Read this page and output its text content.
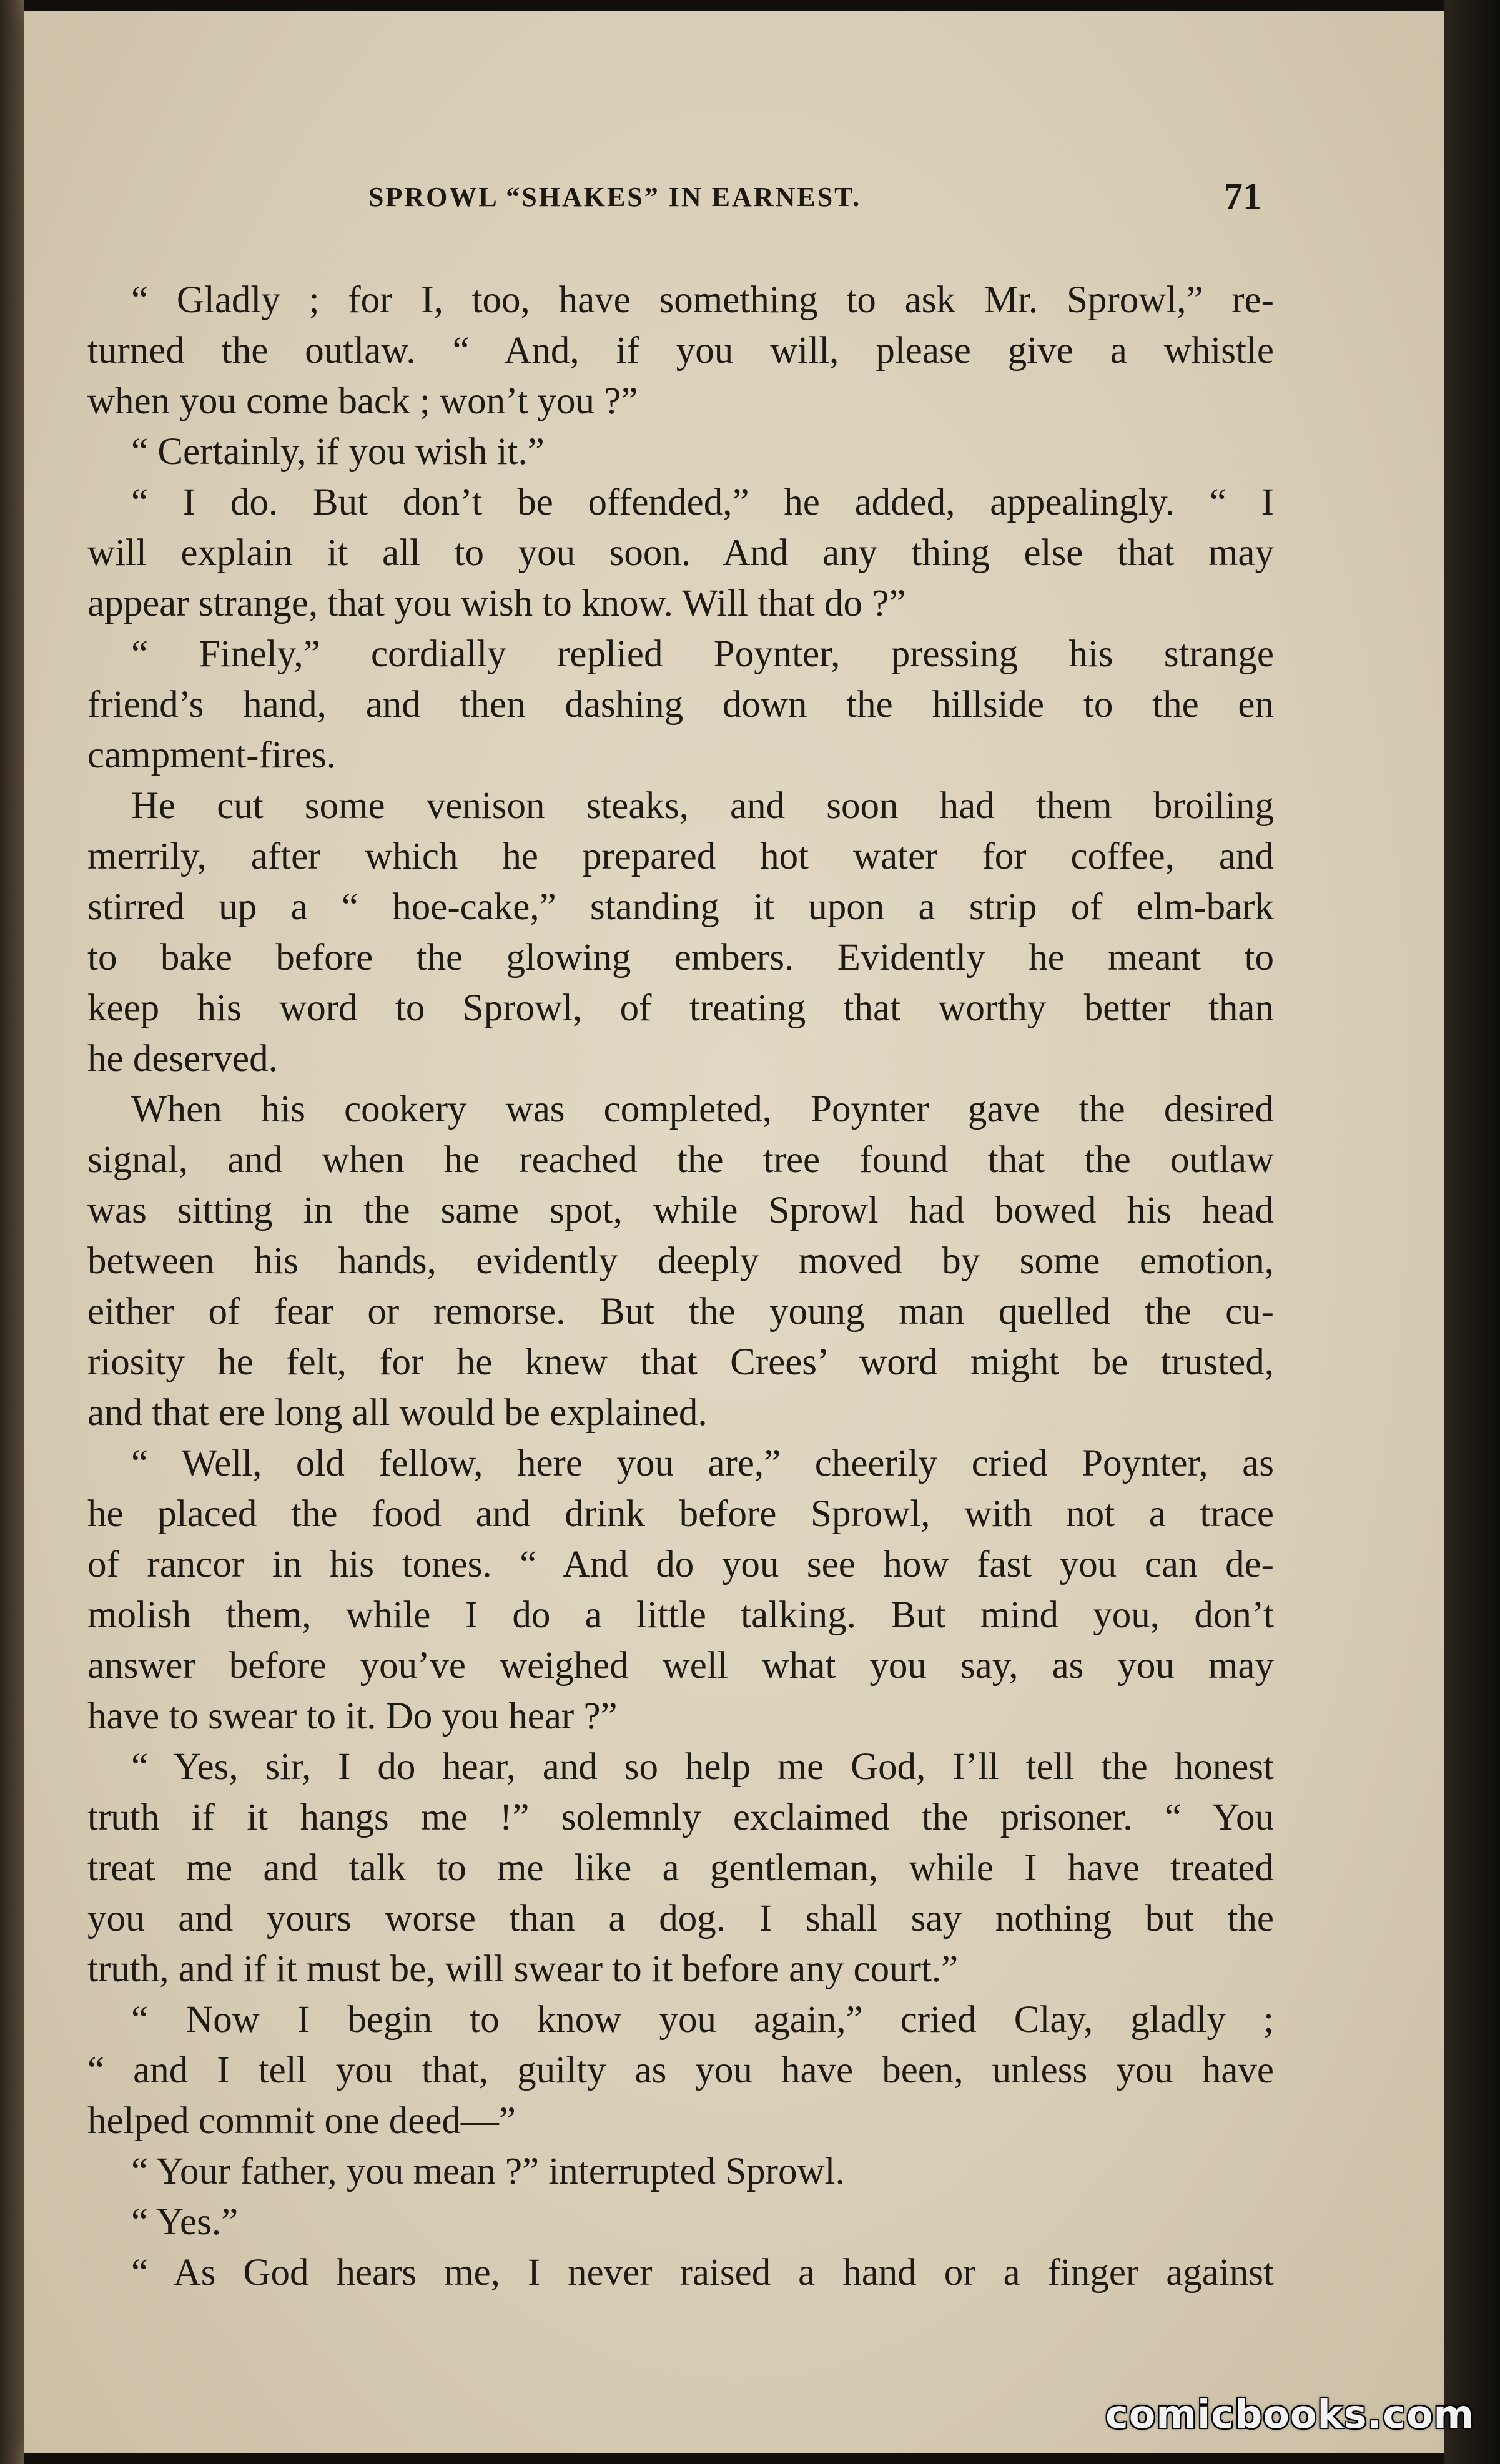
SPROWL “SHAKES” IN EARNEST.	71
“ Gladly ; for I, too, have something to ask Mr. Sprowl,” re-
turned the outlaw. “ And, if you will, please give a whistle
when you come back ; won’t you ?”
“ Certainly, if you wish it.”
“ I do. But don’t be offended,” he added, appealingly. “ I
will explain it all to you soon. And any thing else that may
appear strange, that you wish to know. Will that do ?”
“ Finely,” cordially replied Poynter, pressing his strange
friend’s hand, and then dashing down the hillside to the en
campment-fires.
He cut some venison steaks, and soon had them broiling
merrily, after which he prepared hot water for coffee, and
stirred up a “ hoe-cake,” standing it upon a strip of elm-bark
to bake before the glowing embers. Evidently he meant to
keep his word to Sprowl, of treating that worthy better than
he deserved.
When his cookery was completed, Poynter gave the desired
signal, and when he reached the tree found that the outlaw
was sitting in the same spot, while Sprowl had bowed his head
between his hands, evidently deeply moved by some emotion,
either of fear or remorse. But the young man quelled the cu-
riosity he felt, for he knew that Crees’ word might be trusted,
and that ere long all would be explained.
“ Well, old fellow, here you are,” cheerily cried Poynter, as
he placed the food and drink before Sprowl, with not a trace
of rancor in his tones. “ And do you see how fast you can de-
molish them, while I do a little talking. But mind you, don’t
answer before you’ve weighed well what you say, as you may
have to swear to it. Do you hear ?”
“ Yes, sir, I do hear, and so help me God, I’ll tell the honest
truth if it hangs me !” solemnly exclaimed the prisoner. “ You
treat me and talk to me like a gentleman, while I have treated
you and yours worse than a dog. I shall say nothing but the
truth, and if it must be, will swear to it before any court.”
“ Now I begin to know you again,” cried Clay, gladly ;
“ and I tell you that, guilty as you have been, unless you have
helped commit one deed—”
“ Your father, you mean ?” interrupted Sprowl.
“ Yes.”
“ As God hears me, I never raised a hand or a finger against
comicbooks.com
